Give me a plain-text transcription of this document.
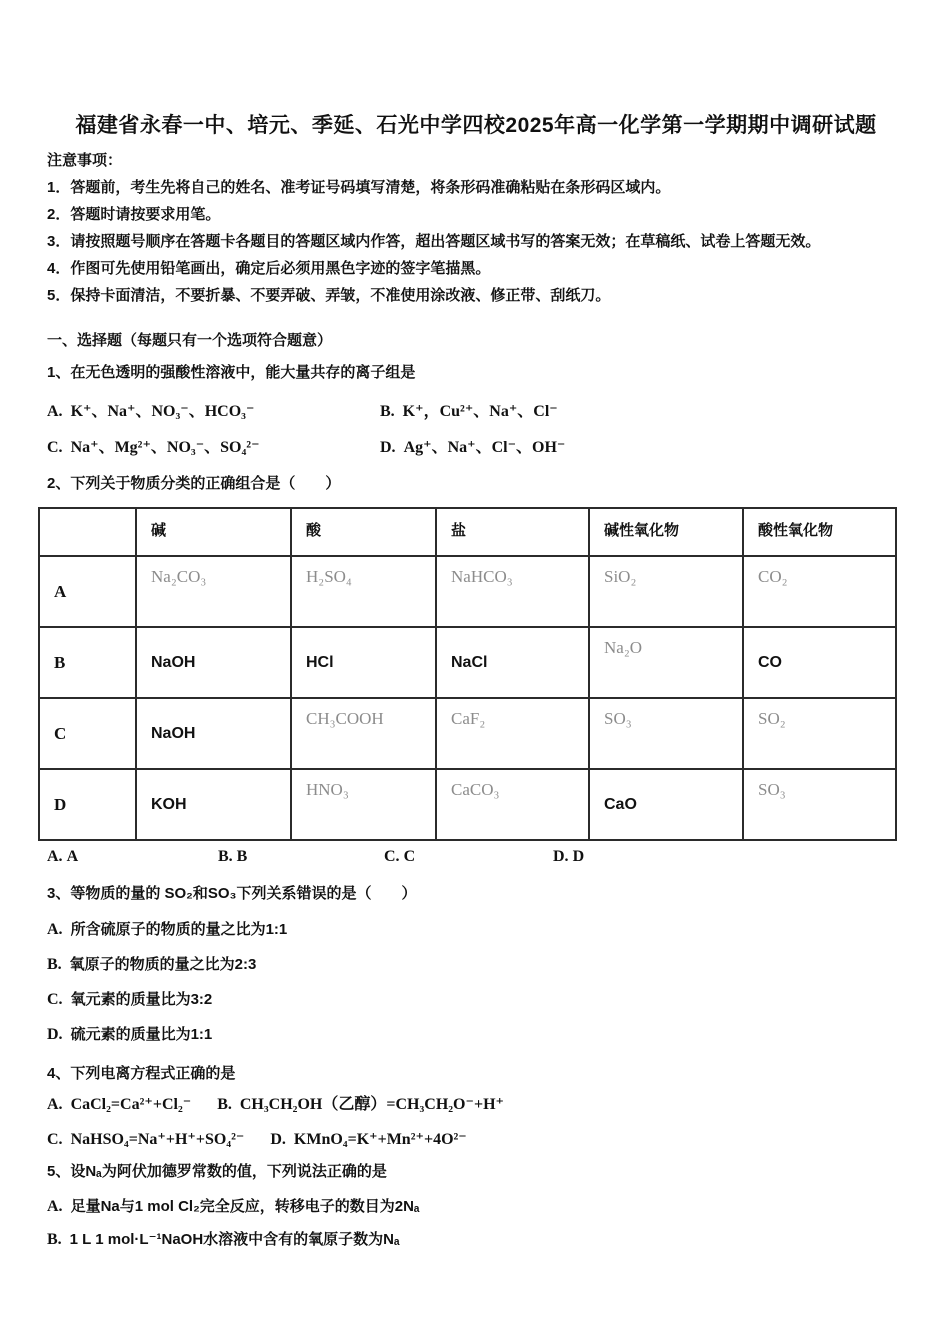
福建省永春一中、培元、季延、石光中学四校2025年高一化学第一学期期中调研试题
注意事项：
1．答题前，考生先将自己的姓名、准考证号码填写清楚，将条形码准确粘贴在条形码区域内。
2．答题时请按要求用笔。
3．请按照题号顺序在答题卡各题目的答题区域内作答，超出答题区域书写的答案无效；在草稿纸、试卷上答题无效。
4．作图可先使用铅笔画出，确定后必须用黑色字迹的签字笔描黑。
5．保持卡面清洁，不要折暴、不要弄破、弄皱，不准使用涂改液、修正带、刮纸刀。
一、选择题（每题只有一个选项符合题意）
1、在无色透明的强酸性溶液中，能大量共存的离子组是
A. K⁺、Na⁺、NO₃⁻、HCO₃⁻	B. K⁺，Cu²⁺、Na⁺、Cl⁻
C. Na⁺、Mg²⁺、NO₃⁻、SO₄²⁻	D. Ag⁺、Na⁺、Cl⁻、OH⁻
2、下列关于物质分类的正确组合是（　　）
	碱	酸	盐	碱性氧化物	酸性氧化物
A	Na₂CO₃	H₂SO₄	NaHCO₃	SiO₂	CO₂
B	NaOH	HCl	NaCl	Na₂O	CO
C	NaOH	CH₃COOH	CaF₂	SO₃	SO₂
D	KOH	HNO₃	CaCO₃	CaO	SO₃
A. A	B. B	C. C	D. D
3、等物质的量的 SO₂和SO₃下列关系错误的是（　　）
A. 所含硫原子的物质的量之比为1:1
B. 氧原子的物质的量之比为2:3
C. 氧元素的质量比为3:2
D. 硫元素的质量比为1:1
4、下列电离方程式正确的是
A. CaCl₂=Ca²⁺+Cl₂⁻ B. CH₃CH₂OH（乙醇）=CH₃CH₂O⁻+H⁺
C. NaHSO₄=Na⁺+H⁺+SO₄²⁻ D. KMnO₄=K⁺+Mn²⁺+4O²⁻
5、设Nₐ为阿伏加德罗常数的值，下列说法正确的是
A. 足量Na与1 mol Cl₂完全反应，转移电子的数目为2Nₐ
B. 1 L 1 mol·L⁻¹NaOH水溶液中含有的氧原子数为Nₐ
